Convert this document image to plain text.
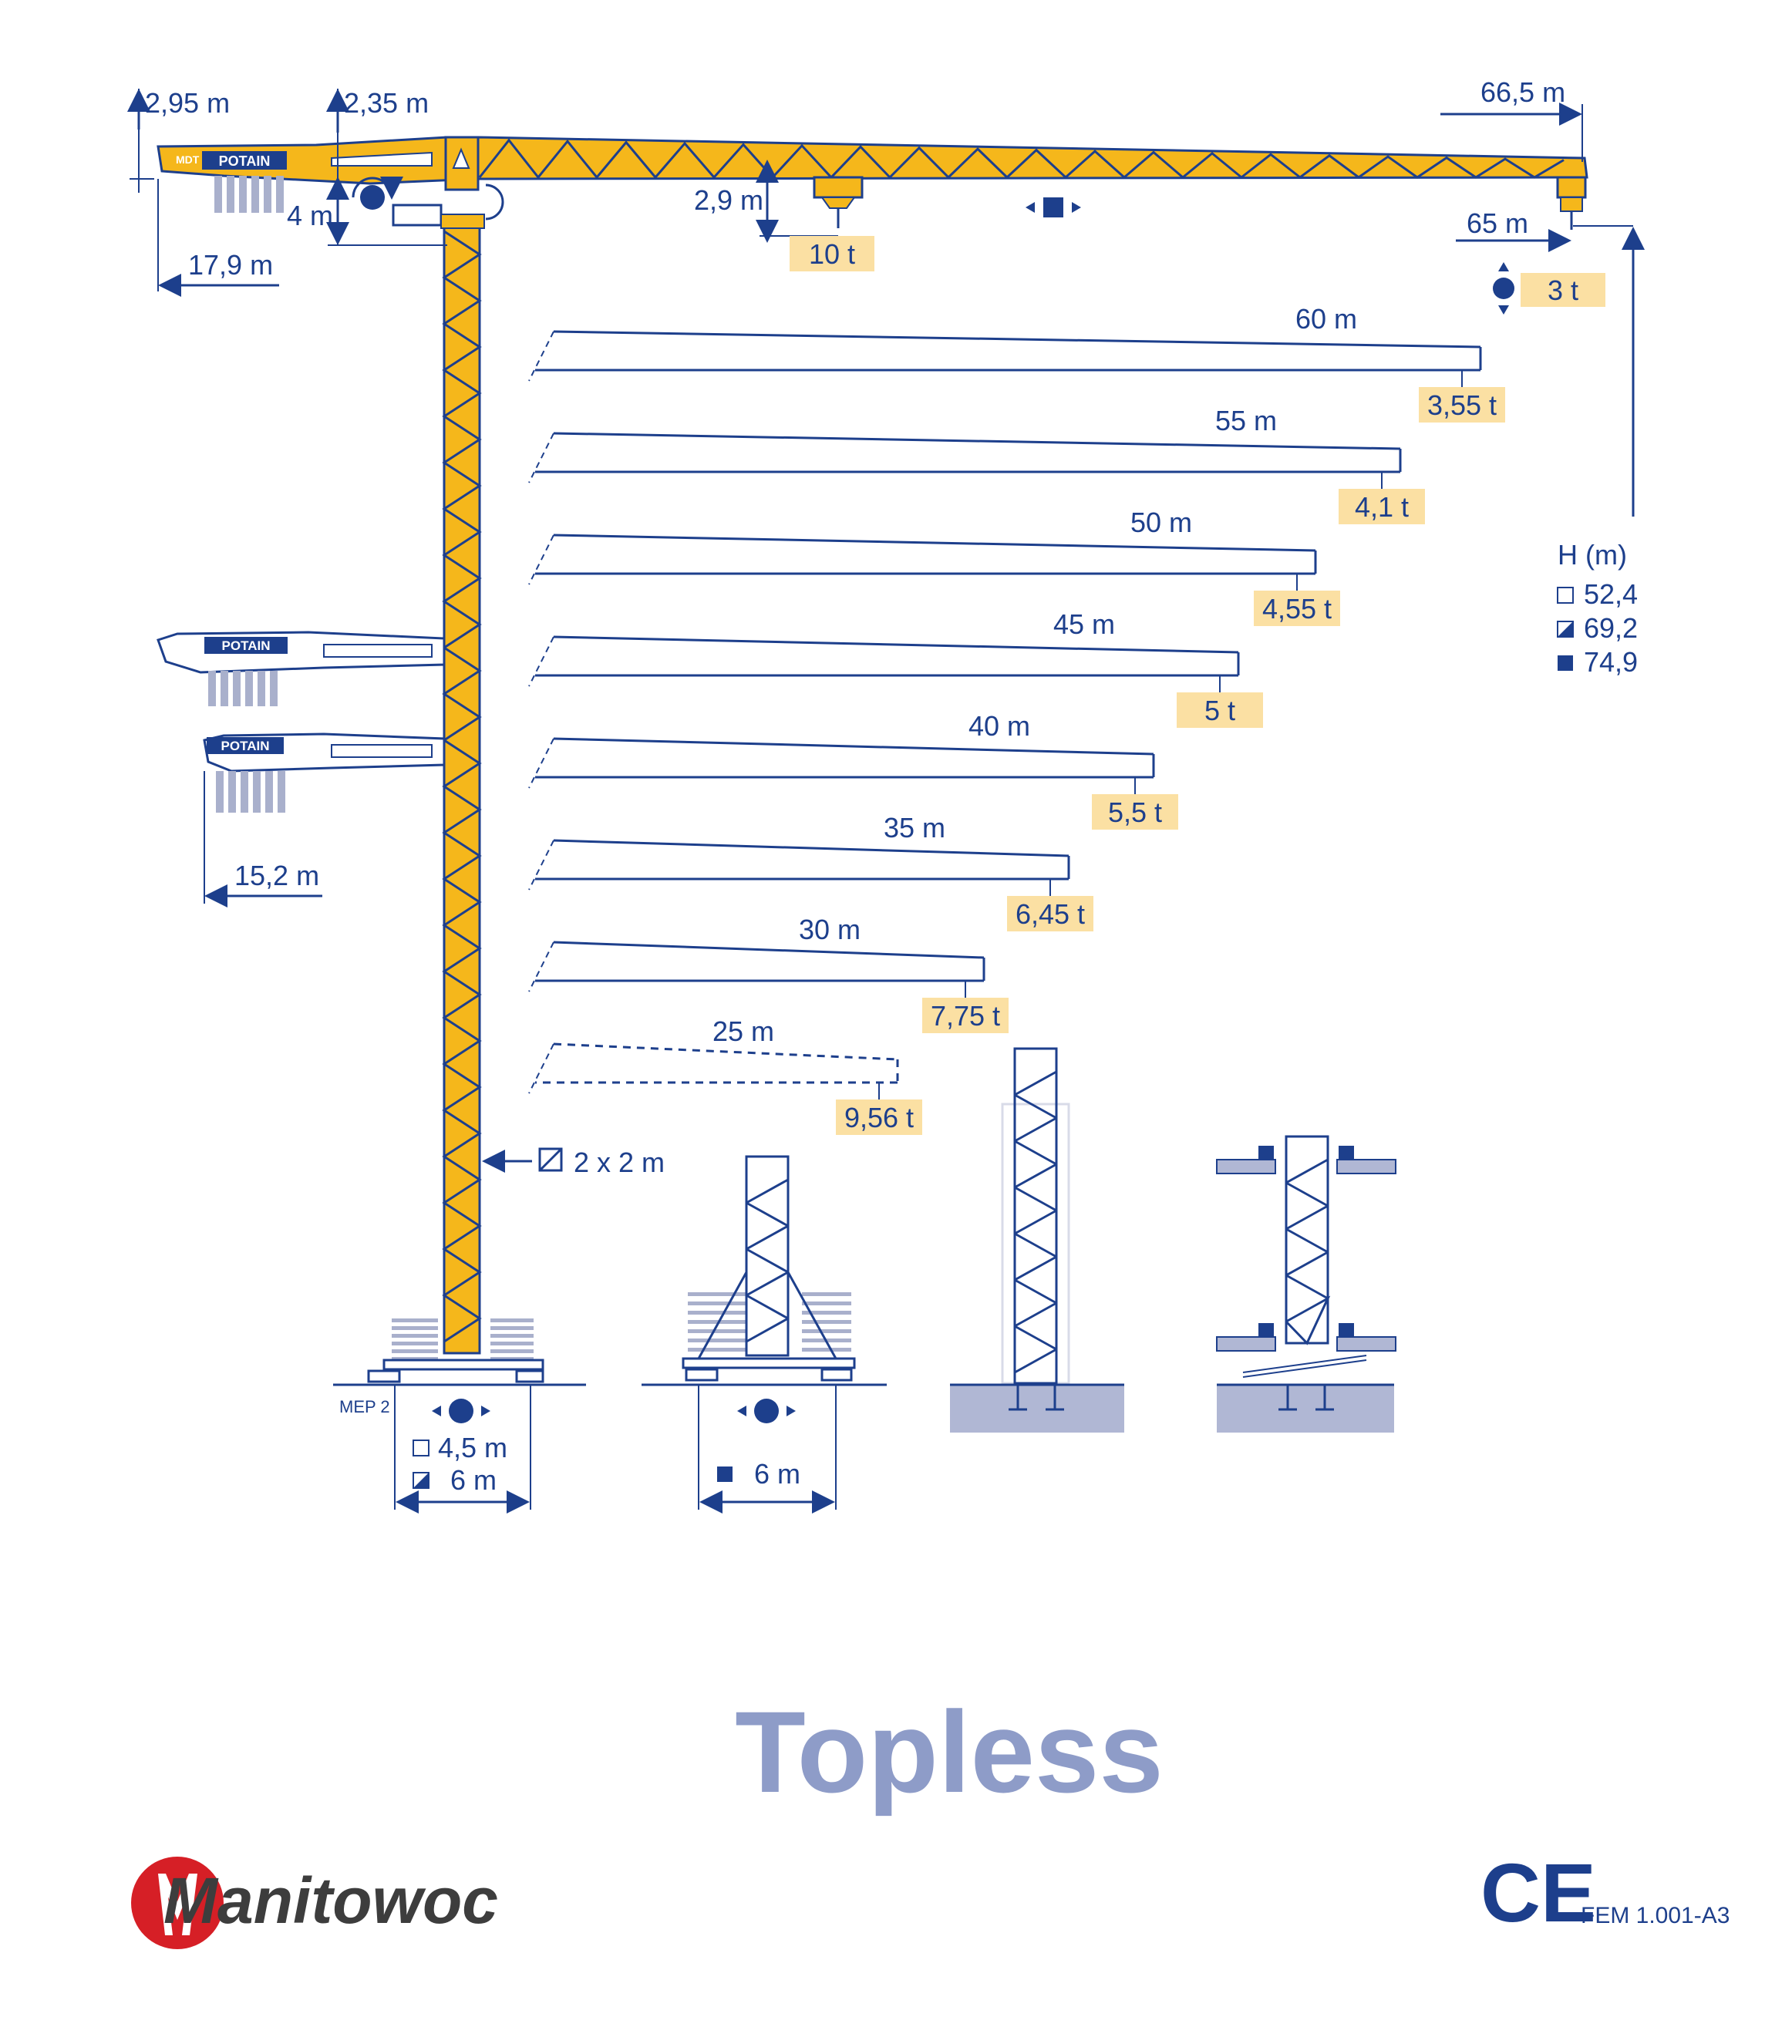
POTAIN
MDT
2,95 m	2,35 m
4 m
17,9 m
2,9 m
66,5 m
65 m
10 t
3 t
60 m
3,55 t
55 m
4,1 t
50 m
4,55 t
45 m
5 t
40 m
5,5 t
35 m
6,45 t
30 m
7,75 t
25 m
9,56 t
H (m)
52,4
69,2
74,9
POTAIN
POTAIN
15,2 m
2 x 2 m
MEP 2
4,5 m
6 m	6 m
Topless
Manitowoc	CE
FEM 1.001-A3
